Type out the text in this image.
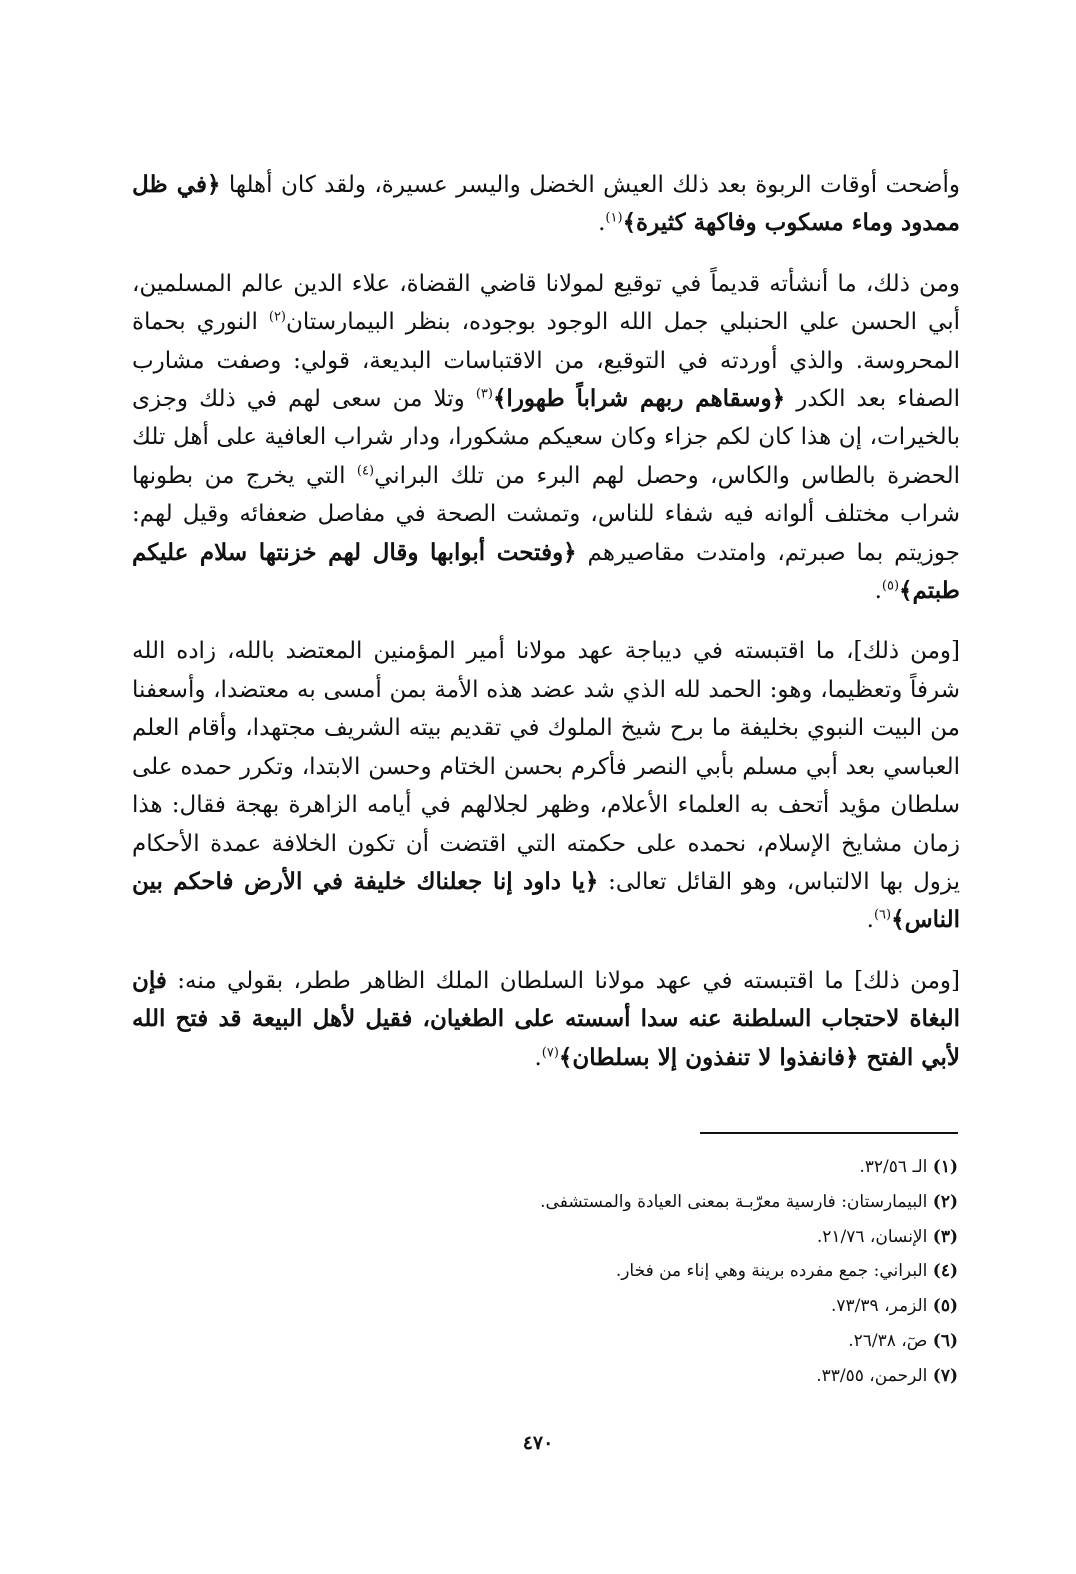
وأضحت أوقات الربوة بعد ذلك العيش الخضل واليسر عسيرة، ولقد كان أهلها ﴿في ظل ممدود وماء مسكوب وفاكهة كثيرة﴾$^{(١)}$.

ومن ذلك، ما أنشأته قديماً في توقيع لمولانا قاضي القضاة، علاء الدين عالم المسلمين، أبي الحسن علي الحنبلي جمل الله الوجود بوجوده، بنظر البيمارستان$^{(٢)}$ النوري بحماة المحروسة. والذي أوردته في التوقيع، من الاقتباسات البديعة، قولي: وصفت مشارب الصفاء بعد الكدر ﴿وسقاهم ربهم شراباً طهورا﴾$^{(٣)}$ وتلا من سعى لهم في ذلك وجزى بالخيرات، إن هذا كان لكم جزاء وكان سعيكم مشكورا، ودار شراب العافية على أهل تلك الحضرة بالطاس والكاس، وحصل لهم البرء من تلك البراني$^{(٤)}$ التي يخرج من بطونها شراب مختلف ألوانه فيه شفاء للناس، وتمشت الصحة في مفاصل ضعفائه وقيل لهم: جوزيتم بما صبرتم، وامتدت مقاصيرهم ﴿وفتحت أبوابها وقال لهم خزنتها سلام عليكم طبتم﴾$^{(٥)}$.

[ومن ذلك]، ما اقتبسته في ديباجة عهد مولانا أمير المؤمنين المعتضد بالله، زاده الله شرفاً وتعظيما، وهو: الحمد لله الذي شد عضد هذه الأمة بمن أمسى به معتضدا، وأسعفنا من البيت النبوي بخليفة ما برح شيخ الملوك في تقديم بيته الشريف مجتهدا، وأقام العلم العباسي بعد أبي مسلم بأبي النصر فأكرم بحسن الختام وحسن الابتدا، وتكرر حمده على سلطان مؤيد أتحف به العلماء الأعلام، وظهر لجلالهم في أيامه الزاهرة بهجة فقال: هذا زمان مشايخ الإسلام، نحمده على حكمته التي اقتضت أن تكون الخلافة عمدة الأحكام يزول بها الالتباس، وهو القائل تعالى: ﴿يا داود إنا جعلناك خليفة في الأرض فاحكم بين الناس﴾$^{(٦)}$.

[ومن ذلك] ما اقتبسته في عهد مولانا السلطان الملك الظاهر ططر، بقولي منه: فإن البغاة لاحتجاب السلطنة عنه سدا أسسته على الطغيان، فقيل لأهل البيعة قد فتح الله لأبي الفتح ﴿فانفذوا لا تنفذون إلا بسلطان﴾$^{(٧)}$.

(١) الـ ٣٢/٥٦.
(٢) البيمارستان: فارسية معرّبـة بمعنى العيادة والمستشفى.
(٣) الإنسان، ٢١/٧٦.
(٤) البراني: جمع مفرده برينة وهي إناء من فخار.
(٥) الزمر، ٧٣/٣٩.
(٦) صٓ، ٢٦/٣٨.
(٧) الرحمن، ٣٣/٥٥.
٤٧٠
